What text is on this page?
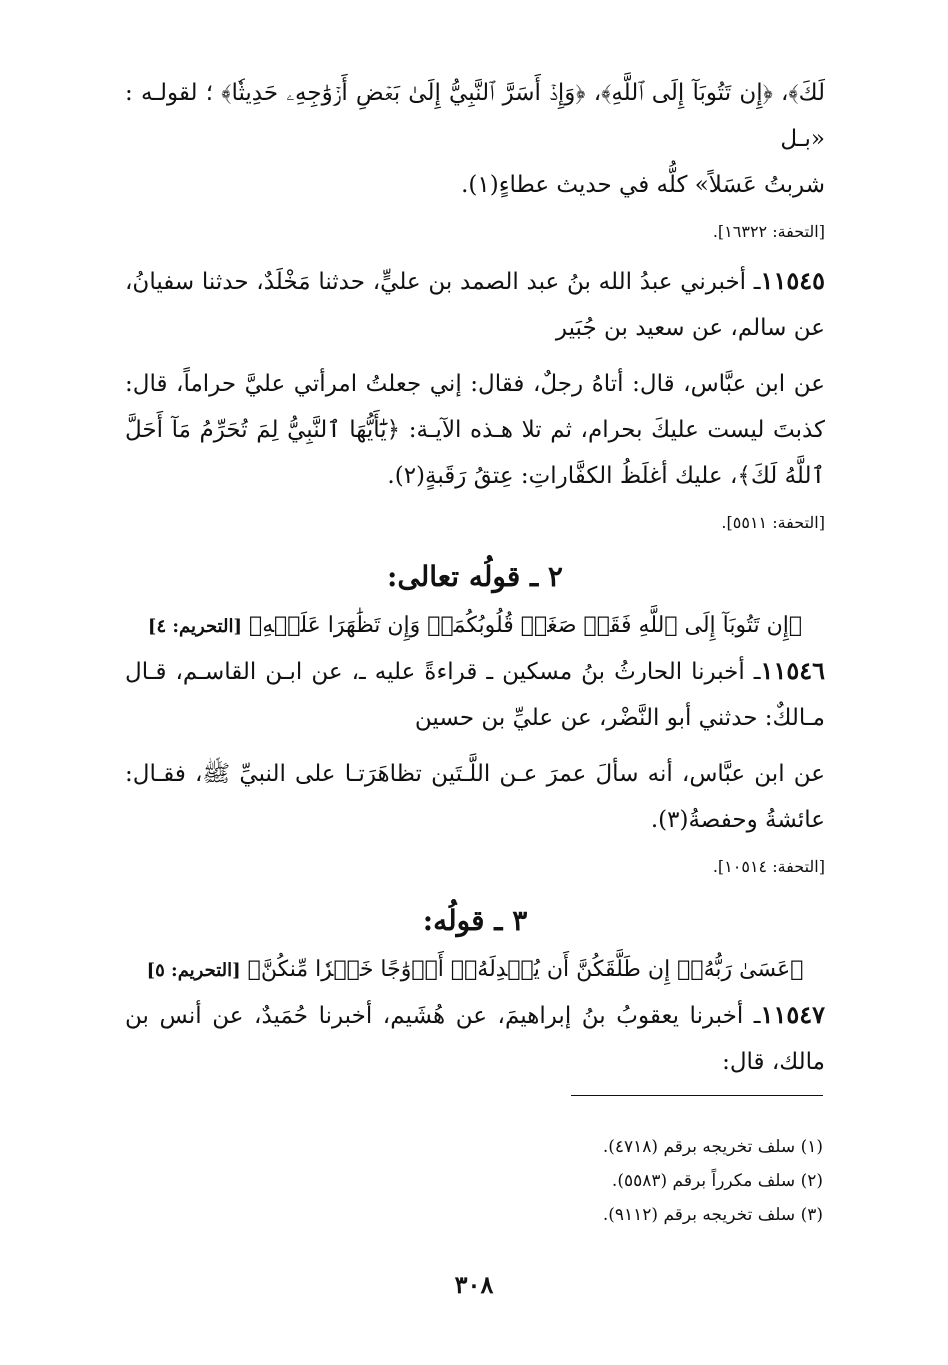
لَكَ﴾، ﴿إِن تَتُوبَآ إِلَى ٱللَّهِ﴾، ﴿وَإِذۡ أَسَرَّ ٱلنَّبِيُّ إِلَىٰ بَعۡضِ أَزۡوَٰجِهِۦ حَدِيثٗا﴾ ؛ لقولـه : «بـل
شربتُ عَسَلاً» كلُّه في حديث عطاءٍ(١).

[التحفة: ١٦٣٢٢].

١١٥٤٥ـ أخبرني عبدُ الله بنُ عبد الصمد بن عليٍّ، حدثنا مَخْلَدٌ، حدثنا سفيانُ، عن سالم، عن سعيد بن جُبَير

عن ابن عبَّاس، قال: أتاهُ رجلٌ، فقال: إني جعلتُ امرأتي عليَّ حراماً، قال: كذبتَ ليست عليكَ بحرام، ثم تلا هـذه الآيـة: ﴿يَٰٓأَيُّهَا ٱلنَّبِيُّ لِمَ تُحَرِّمُ مَآ أَحَلَّ ٱللَّهُ لَكَ﴾، عليك أغلَظُ الكفَّاراتِ: عِتقُ رَقَبةٍ(٢).

[التحفة: ٥٥١١].

٢ ـ قولُه تعالى:

﴿إِن تَتُوبَآ إِلَى ٱللَّهِ فَقَدۡ صَغَتۡ قُلُوبُكُمَاۖ وَإِن تَظَٰهَرَا عَلَيۡهِ﴾ [التحريم: ٤]

١١٥٤٦ـ أخبرنا الحارثُ بنُ مسكين ـ قراءةً عليه ـ، عن ابـن القاسـم، قـال مـالكٌ: حدثني أبو النَّضْر، عن عليِّ بن حسين

عن ابن عبَّاس، أنه سألَ عمرَ عـن اللَّـتَين تظاهَرَتـا على النبيِّ ﷺ، فقـال: عائشةُ وحفصةُ(٣).

[التحفة: ١٠٥١٤].

٣ ـ قولُه:

﴿عَسَىٰ رَبُّهُۥٓ إِن طَلَّقَكُنَّ أَن يُبۡدِلَهُۥٓ أَزۡوَٰجًا خَيۡرٗا مِّنكُنَّ﴾ [التحريم: ٥]

١١٥٤٧ـ أخبرنا يعقوبُ بنُ إبراهيمَ، عن هُشَيم، أخبرنا حُمَيدٌ، عن أنس بن مالك، قال:

(١) سلف تخريجه برقم (٤٧١٨).

(٢) سلف مكرراً برقم (٥٥٨٣).

(٣) سلف تخريجه برقم (٩١١٢).

٣٠٨
